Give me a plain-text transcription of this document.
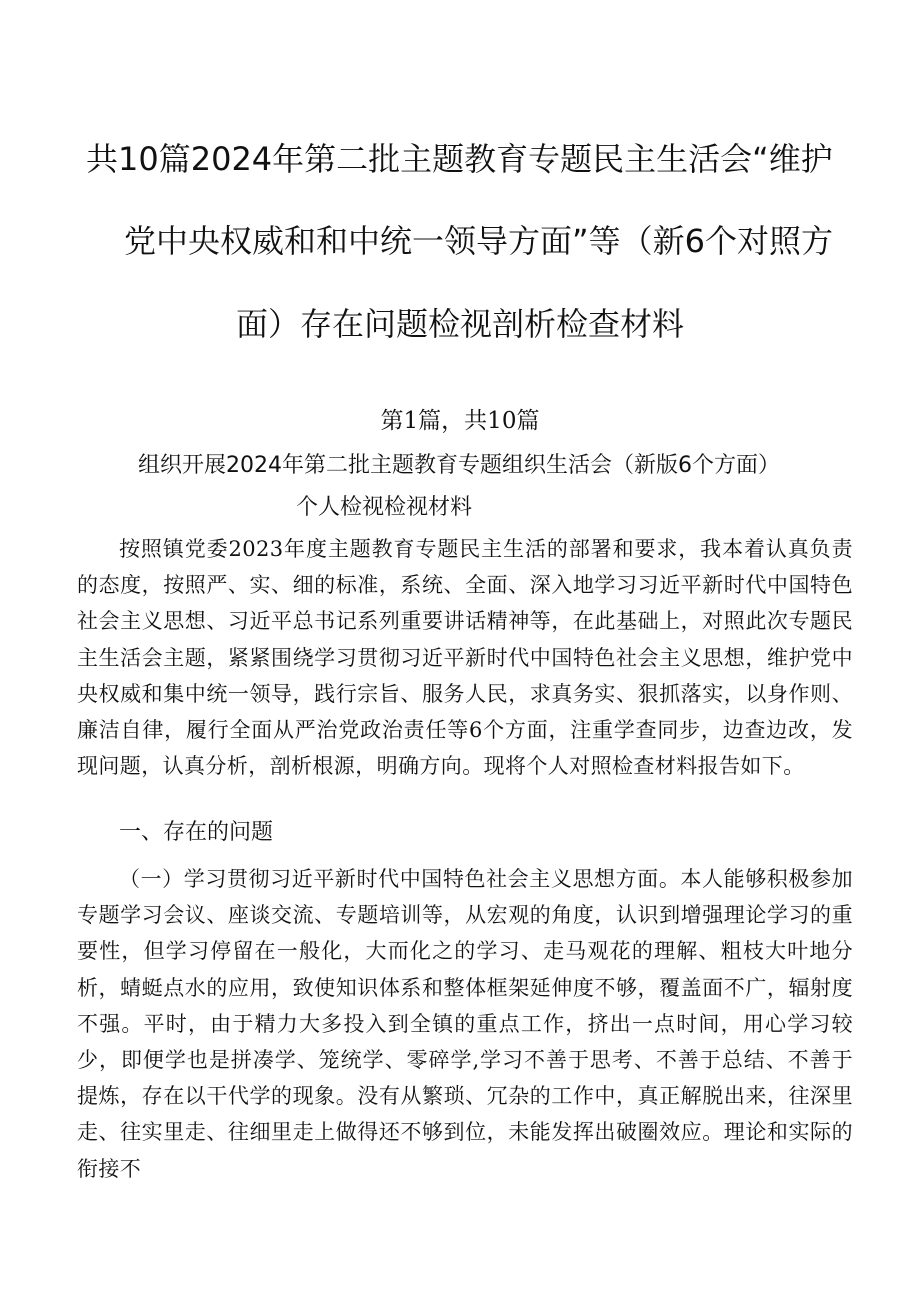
共10篇2024年第二批主题教育专题民主生活会“维护
党中央权威和和中统一领导方面”等（新6个对照方
面）存在问题检视剖析检查材料
第1篇，共10篇
组织开展2024年第二批主题教育专题组织生活会（新版6个方面）
个人检视检视材料

按照镇党委2023年度主题教育专题民主生活的部署和要求，我本着认真负责的态度，按照严、实、细的标准，系统、全面、深入地学习习近平新时代中国特色社会主义思想、习近平总书记系列重要讲话精神等，在此基础上，对照此次专题民主生活会主题，紧紧围绕学习贯彻习近平新时代中国特色社会主义思想，维护党中央权威和集中统一领导，践行宗旨、服务人民，求真务实、狠抓落实，以身作则、廉洁自律，履行全面从严治党政治责任等6个方面，注重学查同步，边查边改，发现问题，认真分析，剖析根源，明确方向。现将个人对照检查材料报告如下。

一、存在的问题

（一）学习贯彻习近平新时代中国特色社会主义思想方面。本人能够积极参加专题学习会议、座谈交流、专题培训等，从宏观的角度，认识到增强理论学习的重要性，但学习停留在一般化，大而化之的学习、走马观花的理解、粗枝大叶地分析，蜻蜓点水的应用，致使知识体系和整体框架延伸度不够，覆盖面不广，辐射度不强。平时，由于精力大多投入到全镇的重点工作，挤出一点时间，用心学习较少，即便学也是拼凑学、笼统学、零碎学,学习不善于思考、不善于总结、不善于提炼，存在以干代学的现象。没有从繁琐、冗杂的工作中，真正解脱出来，往深里走、往实里走、往细里走上做得还不够到位，未能发挥出破圈效应。理论和实际的衔接不
